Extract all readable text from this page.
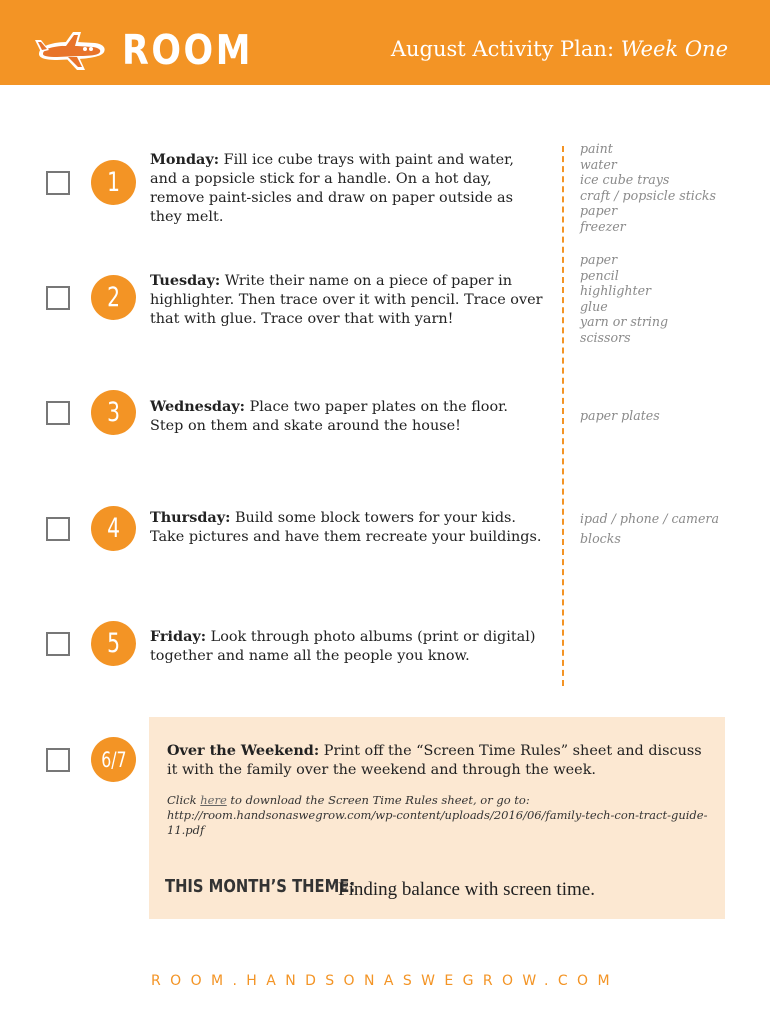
ROOM	August Activity Plan: Week One
1
Monday: Fill ice cube trays with paint and water, and a popsicle stick for a handle. On a hot day, remove paint-sicles and draw on paper outside as they melt.
paint
water
ice cube trays
craft / popsicle sticks
paper
freezer
2
Tuesday: Write their name on a piece of paper in highlighter. Then trace over it with pencil. Trace over that with glue. Trace over that with yarn!
paper
pencil
highlighter
glue
yarn or string
scissors
3 Wednesday: Place two paper plates on the floor. Step on them and skate around the house!
paper plates
4 Thursday: Build some block towers for your kids. Take pictures and have them recreate your buildings.
ipad / phone / camera
blocks
5 Friday: Look through photo albums (print or digital) together and name all the people you know.
6/7	Over the Weekend: Print off the “Screen Time Rules” sheet and discuss it with the family over the weekend and through the week.
Click here to download the Screen Time Rules sheet, or go to:
http://room.handsonaswegrow.com/wp-content/uploads/2016/06/family-tech-con-tract-guide-11.pdf
THIS MONTH’S THEME:
Finding balance with screen time.
ROOM.HANDSONASWEGROW.COM
